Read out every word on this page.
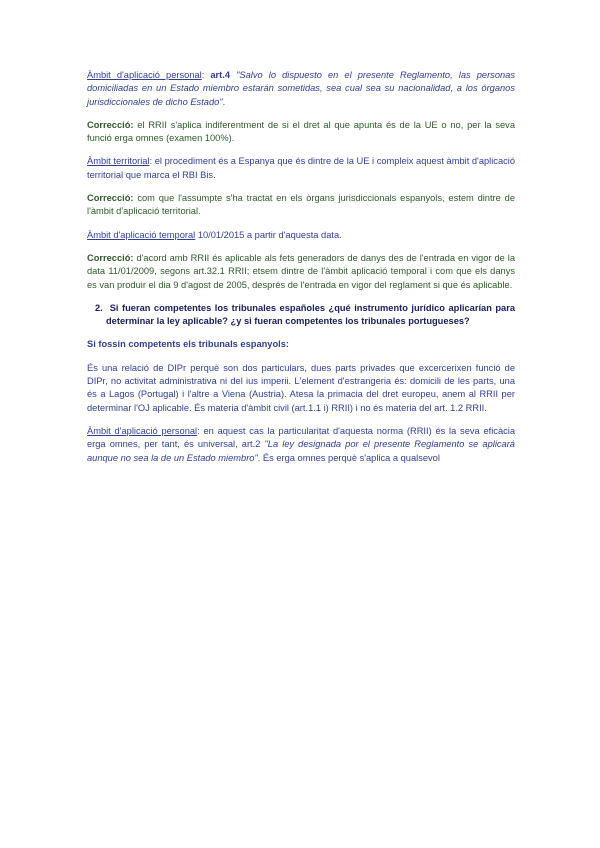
Àmbit d'aplicació personal: art.4 "Salvo lo dispuesto en el presente Reglamento, las personas domiciliadas en un Estado miembro estarán sometidas, sea cual sea su nacionalidad, a los órganos jurisdiccionales de dicho Estado".

Correcció: el RRII s'aplica indiferentment de si el dret al que apunta és de la UE o no, per la seva funció erga omnes (examen 100%).

Àmbit territorial: el procediment és a Espanya que és dintre de la UE i compleix aquest àmbit d'aplicació territorial que marca el RBI Bis.

Correcció: com que l'assumpte s'ha tractat en els òrgans jurisdiccionals espanyols, estem dintre de l'àmbit d'aplicació territorial.

Àmbit d'aplicació temporal 10/01/2015 a partir d'aquesta data.

Correcció: d'acord amb RRII és aplicable als fets generadors de danys des de l'entrada en vigor de la data 11/01/2009, segons art.32.1 RRII; etsem dintre de l'àmbit aplicació temporal i com que els danys es van produir el dia 9 d'agost de 2005, després de l'entrada en vigor del reglament si que és aplicable.

2. Si fueran competentes los tribunales españoles ¿qué instrumento jurídico aplicarían para determinar la ley aplicable? ¿y si fueran competentes los tribunales portugueses?

Si fossin competents els tribunals espanyols:

És una relació de DIPr perquè son dos particulars, dues parts privades que excercerixen funció de DIPr, no activitat administrativa ni del ius imperii. L'element d'estrangeria és: domicili de les parts, una és a Lagos (Portugal) i l'altre a Viena (Austria). Atesa la primacia del dret europeu, anem al RRII per determinar l'OJ aplicable. És materia d'àmbit civil (art.1.1 i) RRII) i no és materia del art. 1.2 RRII.

Àmbit d'aplicació personal: en aquest cas la particularitat d'aquesta norma (RRII) és la seva eficàcia erga omnes, per tant, és universal, art.2 "La ley designada por el presente Reglamento se aplicará aunque no sea la de un Estado miembro". És erga omnes perquè s'aplica a qualsevol
